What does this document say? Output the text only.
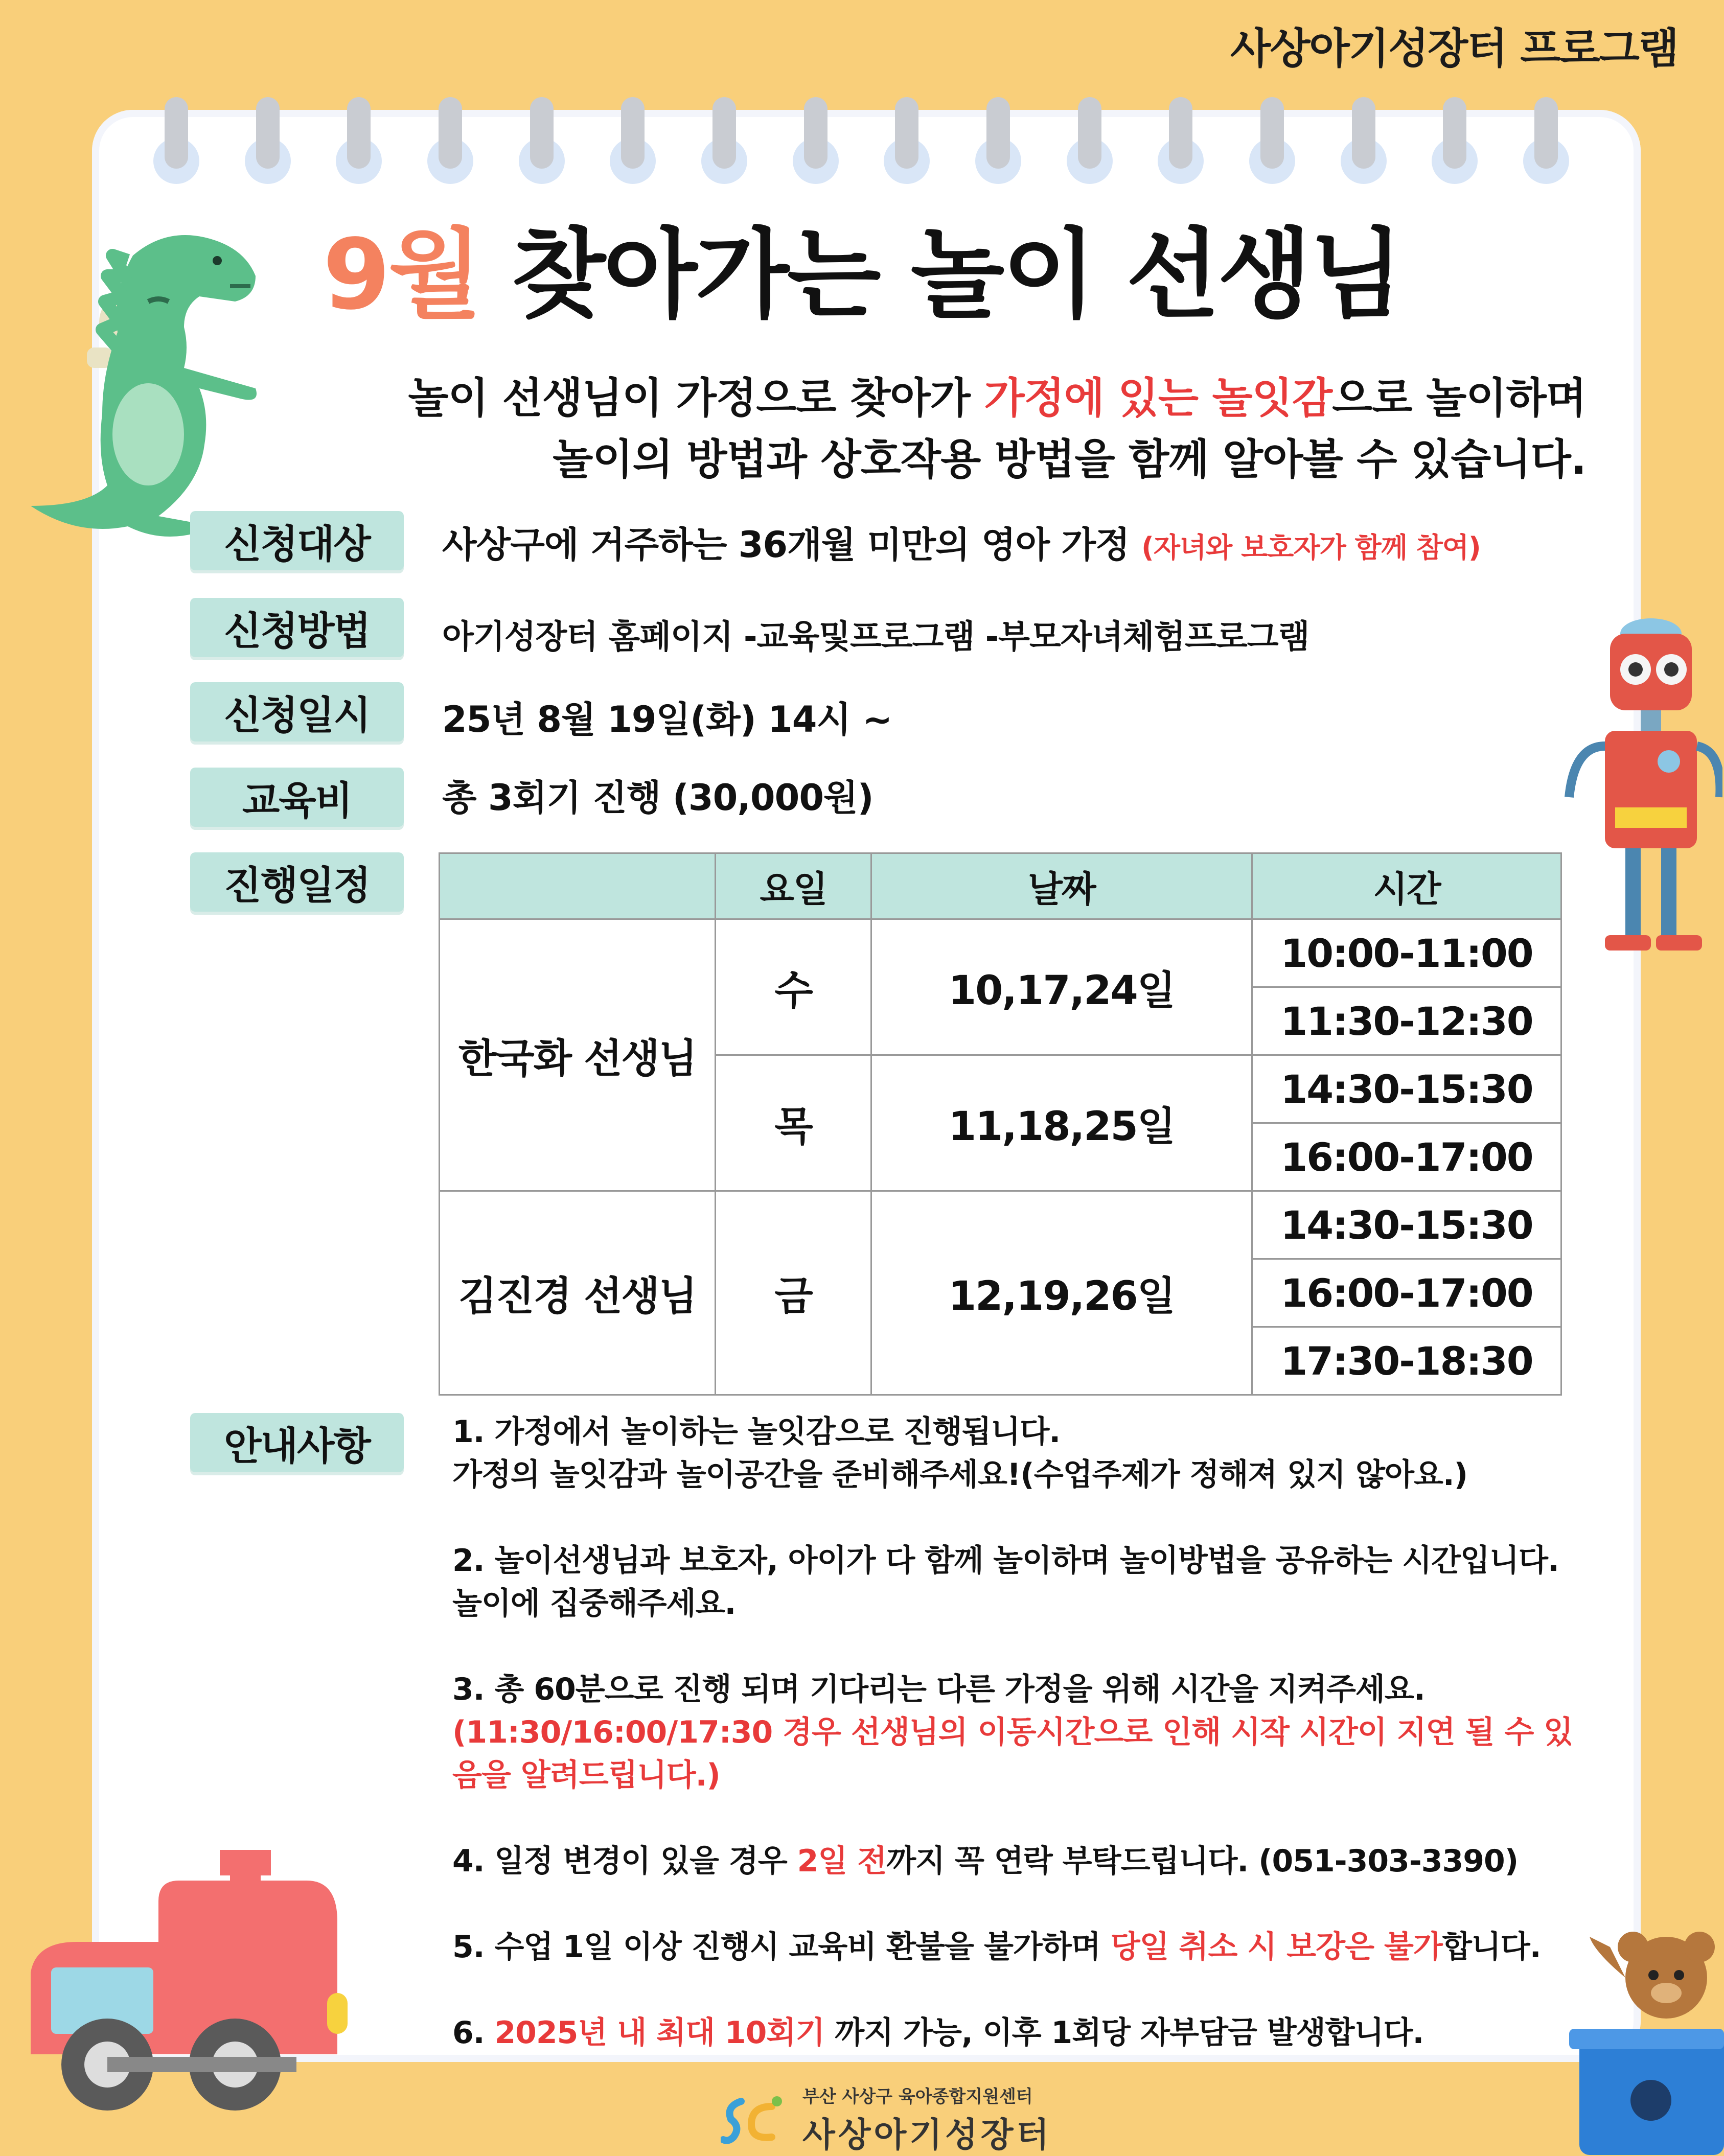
사상아기성장터 프로그램
9월 찾아가는 놀이 선생님
놀이 선생님이 가정으로 찾아가 가정에 있는 놀잇감으로 놀이하며
놀이의 방법과 상호작용 방법을 함께 알아볼 수 있습니다.
신청대상	사상구에 거주하는 36개월 미만의 영아 가정 (자녀와 보호자가 함께 참여)
신청방법	아기성장터 홈페이지 -교육및프로그램 -부모자녀체험프로그램
신청일시	25년 8월 19일(화) 14시 ~
교육비	총 3회기 진행 (30,000원)
진행일정
		요일	날짜	시간
한국화 선생님	수	10,17,24일	10:00-11:00
			11:30-12:30
	목	11,18,25일	14:30-15:30
			16:00-17:00
김진경 선생님	금	12,19,26일	14:30-15:30
			16:00-17:00
			17:30-18:30
안내사항	1. 가정에서 놀이하는 놀잇감으로 진행됩니다.
가정의 놀잇감과 놀이공간을 준비해주세요!(수업주제가 정해져 있지 않아요.)

2. 놀이선생님과 보호자, 아이가 다 함께 놀이하며 놀이방법을 공유하는 시간입니다.
놀이에 집중해주세요.

3. 총 60분으로 진행 되며 기다리는 다른 가정을 위해 시간을 지켜주세요.
(11:30/16:00/17:30 경우 선생님의 이동시간으로 인해 시작 시간이 지연 될 수 있음을 알려드립니다.)

4. 일정 변경이 있을 경우 2일 전까지 꼭 연락 부탁드립니다. (051-303-3390)

5. 수업 1일 이상 진행시 교육비 환불을 불가하며 당일 취소 시 보강은 불가합니다.

6. 2025년 내 최대 10회기 까지 가능, 이후 1회당 자부담금 발생합니다.

부산 사상구 육아종합지원센터
사상아기성장터
